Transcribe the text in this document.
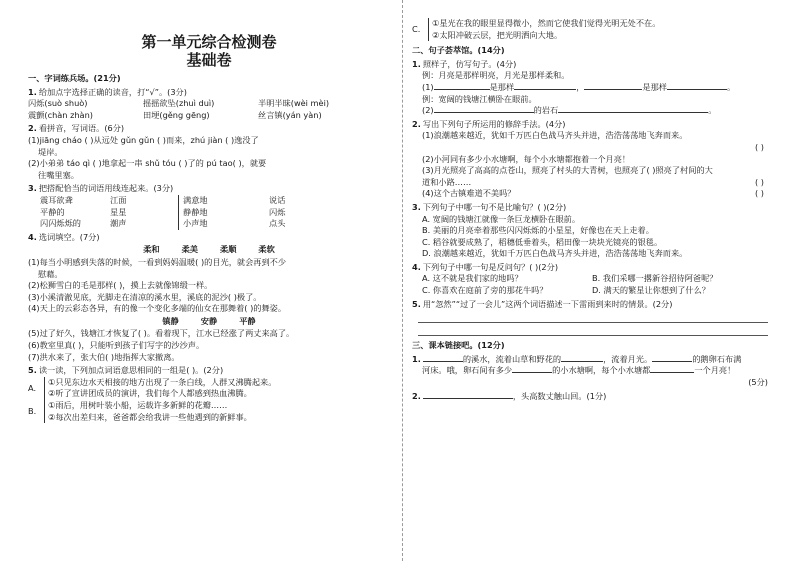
第一单元综合检测卷

基础卷

一、字词练兵场。(21分)
1. 给加点字选择正确的读音，打“√”。(3分)
闪烁(suò shuò)	摇摇欲坠(zhuì duì)	半明半昧(wèi mèi)
震颤(chàn zhàn)	田埂(gěng gēng)	丝言镇(yán yàn)
2. 看拼音，写词语。(6分)
(1)jiāng cháo ( )从远处 gǔn gǔn ( )而来，zhú jiàn ( )逸没了
堤岸。
(2)小弟弟 táo qì ( )地拿起一串 shǔ tóu ( )了的 pú tao( )，就要
往嘴里塞。
3. 把搭配恰当的词语用线连起来。(3分)
震耳欲聋
平静的
闪闪烁烁的
江面
星星
潮声
满意地
静静地
小声地
说话
闪烁
点头
4. 选词填空。(7分)
柔和	柔美	柔顺	柔软
(1)每当小明感到失落的时候，一看到妈妈温暖( )的目光，就会再到不少
慰藉。
(2)松狮雪白的毛是那样( )，摸上去就像锦缎一样。
(3)小溪清澈见底，光脚走在清凉的溪水里，溪底的泥沙( )极了。
(4)天上的云彩态各异，有的像一个变化多端的仙女在那舞着( )的舞姿。
镇静	安静	平静
(5)过了好久，钱塘江才恢复了( )。看着现下，江水已经涨了两丈来高了。
(6)教室里真( )，只能听到孩子们写字的沙沙声。
(7)洪水来了，张大伯( )地指挥大家撤离。
5. 读一读，下列加点词语意思相同的一组是( )。(2分)
A.
①只见东边水天相接的地方出现了一条白线，人群又沸腾起来。
②听了宣讲团成员的演讲，我们每个人都感到热血沸腾。
B.
①雨后，用树叶装小船，运载许多新鲜的花瓣……
②每次出差归来，爸爸都会给我讲一些他遇到的新鲜事。
C.
①星光在我的眼里显得微小，然而它使我们觉得光明无处不在。
②太阳冲破云层，把光明洒向大地。
二、句子荟萃馆。(14分)
1. 照样子，仿写句子。(4分)
例：月亮是那样明亮，月光是那样柔和。
(1)	是那样	，	是那样	。
例：宽阔的钱塘江横卧在眼前。
(2)	的岩石	。
2. 写出下列句子所运用的修辞手法。(4分)
(1)浪潮越来越近，犹如千万匹白色战马齐头并进，浩浩荡荡地飞奔而来。
( )
(2)小河同有多少小水塘啊，每个小水塘都抱着一个月亮！
(3)月光照亮了高高的点苍山，照亮了村头的大青树，也照亮了( )照亮了村间的大
道和小路……	( )
(4)这个古镇难道不美吗？	( )
3. 下列句子中哪一句不是比喻句？( )(2分)
A. 宽阔的钱塘江就像一条巨龙横卧在眼前。
B. 美丽的月亮牵着那些闪闪烁烁的小星星，好像也在天上走着。
C. 稻谷就要成熟了，稻穗低垂着头，稻田像一块块光镜亮的银毯。
D. 浪潮越来越近，犹如千万匹白色战马齐头并进，浩浩荡荡地飞奔而来。
4. 下列句子中哪一句是反问句？( )(2分)
A. 这不就是我们家的地吗？	B. 我们采哪一撂新谷招待阿爸呢？
C. 你喜欢在庭前了旁的那花牛吗？	D. 满天的繁星让你想到了什么？
5. 用“忽然”“过了一会儿”这两个词语描述一下雷雨到来时的情景。(2分)
三、课本链接吧。(12分)
1.	的溪水，流着山草和野花的	，流着月光。	的鹅卵石布满
河床。哦，卵石间有多少	的小水塘啊，每个小水塘都	一个月亮！
(5分)
2.	，头高数丈触山回。(1分)
